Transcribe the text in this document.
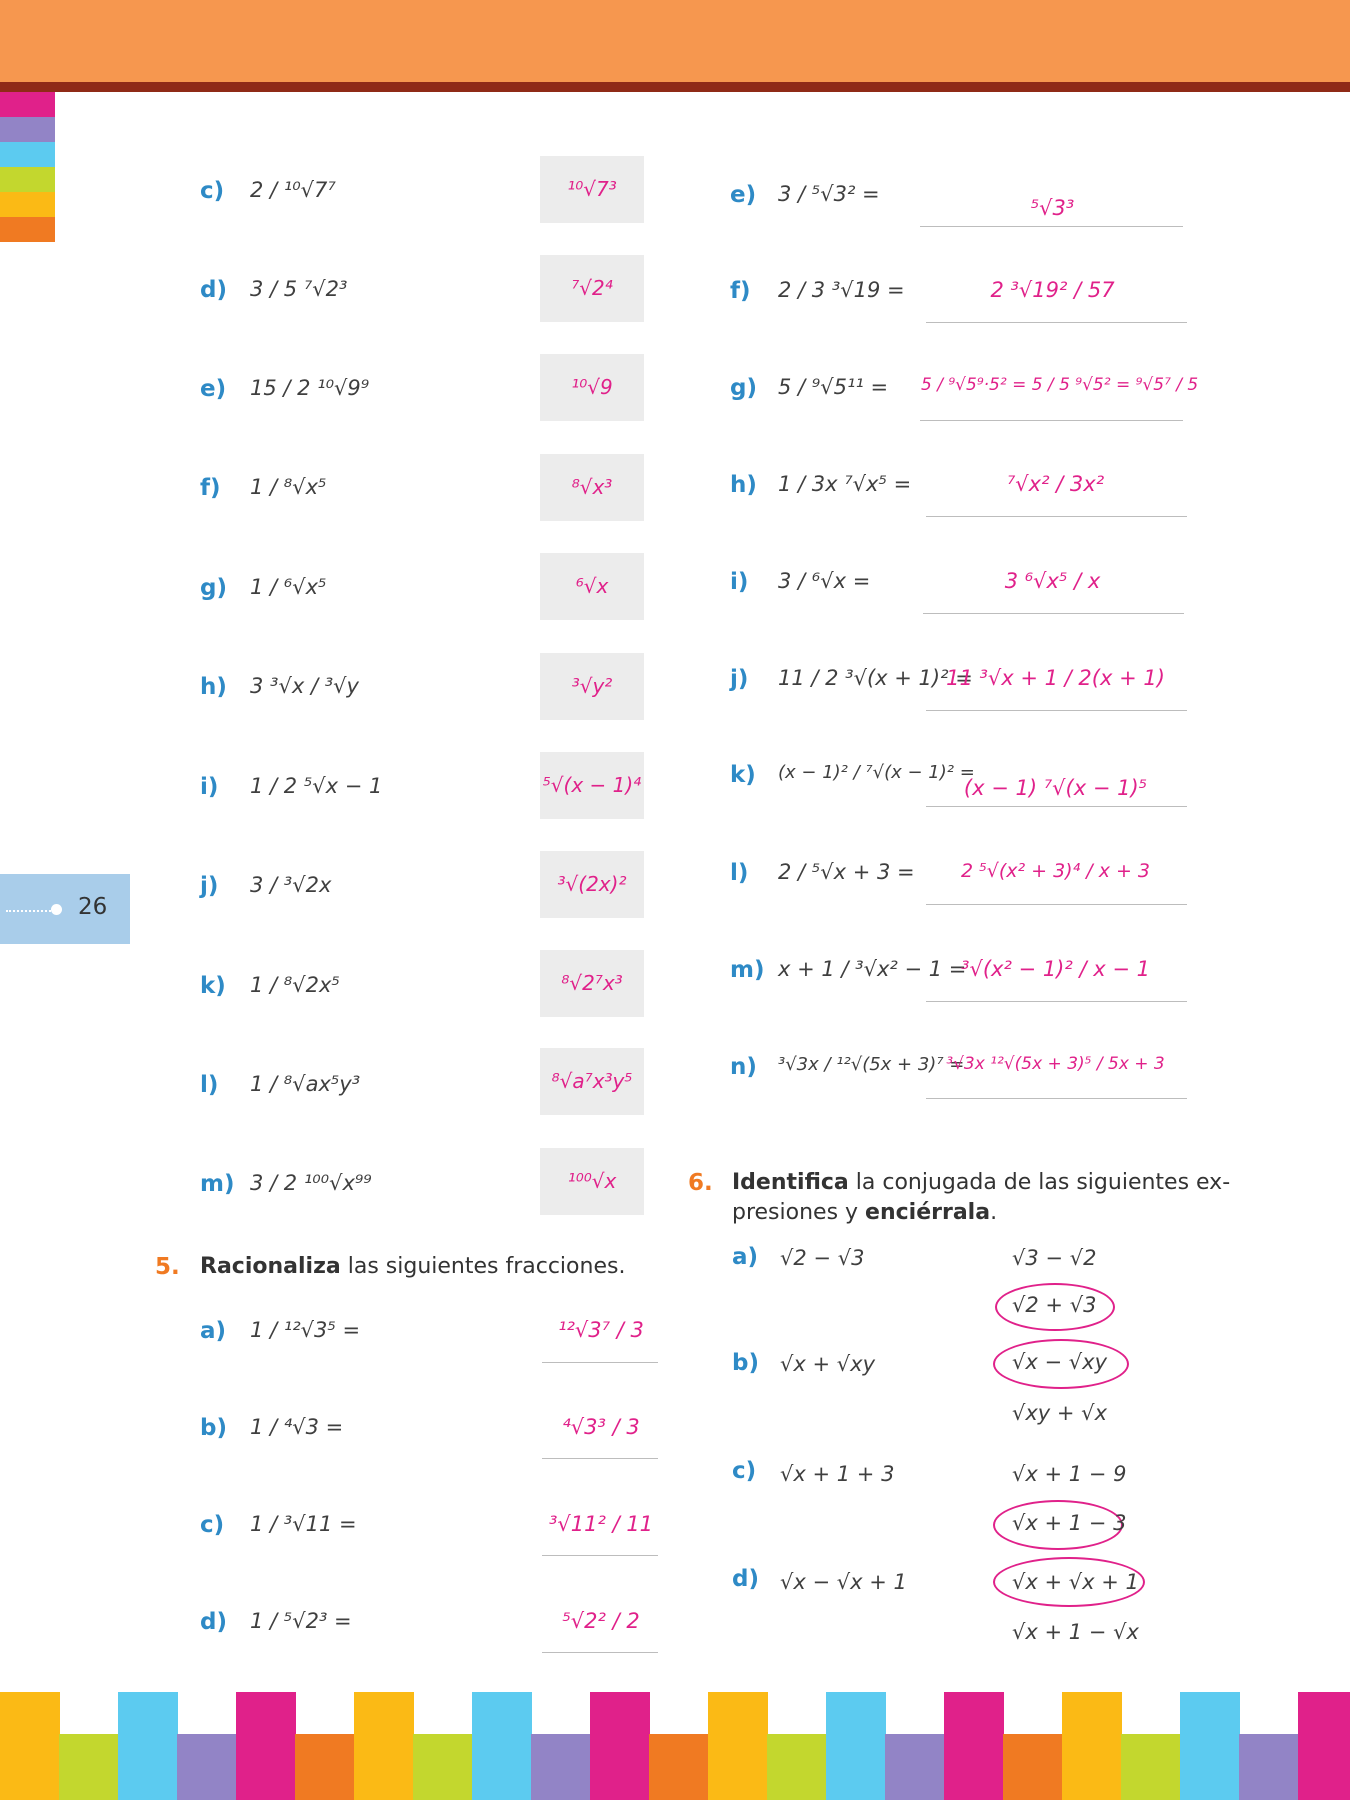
26
c) 2 / ¹⁰√7⁷	¹⁰√7³
d) 3 / 5 ⁷√2³	⁷√2⁴
e) 15 / 2 ¹⁰√9⁹	¹⁰√9
f) 1 / ⁸√x⁵	⁸√x³
g) 1 / ⁶√x⁵	⁶√x
h) 3 ³√x / ³√y	³√y²
i) 1 / 2 ⁵√x − 1	⁵√(x − 1)⁴
j) 3 / ³√2x	³√(2x)²
k) 1 / ⁸√2x⁵	⁸√2⁷x³
l) 1 / ⁸√ax⁵y³	⁸√a⁷x³y⁵
m) 3 / 2 ¹⁰⁰√x⁹⁹	¹⁰⁰√x
e) 3 / ⁵√3² =
⁵√3³
f) 2 / 3 ³√19 =	2 ³√19² / 57
g) 5 / ⁹√5¹¹ = 5 / ⁹√5⁹·5² = 5 / 5 ⁹√5² = ⁹√5⁷ / 5
h) 1 / 3x ⁷√x⁵ =	⁷√x² / 3x²
i) 3 / ⁶√x =	3 ⁶√x⁵ / x
j) 11 / 2 ³√(x + 1)² =
11 ³√x + 1 / 2(x + 1)
k) (x − 1)² / ⁷√(x − 1)² =
(x − 1) ⁷√(x − 1)⁵
l) 2 / ⁵√x + 3 =	2 ⁵√(x² + 3)⁴ / x + 3
m) x + 1 / ³√x² − 1 =
³√(x² − 1)² / x − 1
n) ³√3x / ¹²√(5x + 3)⁷ =
³√3x ¹²√(5x + 3)⁵ / 5x + 3
5. Racionaliza las siguientes fracciones.
a) 1 / ¹²√3⁵ =	¹²√3⁷ / 3
b) 1 / ⁴√3 =	⁴√3³ / 3
c) 1 / ³√11 =	³√11² / 11
d) 1 / ⁵√2³ =	⁵√2² / 2
6. Identifica la conjugada de las siguientes ex-
presiones y enciérrala.
a) √2 − √3	√3 − √2
√2 + √3
b) √x + √xy	√x − √xy
√xy + √x
c) √x + 1 + 3	√x + 1 − 9
√x + 1 − 3
d) √x − √x + 1	√x + √x + 1
√x + 1 − √x
